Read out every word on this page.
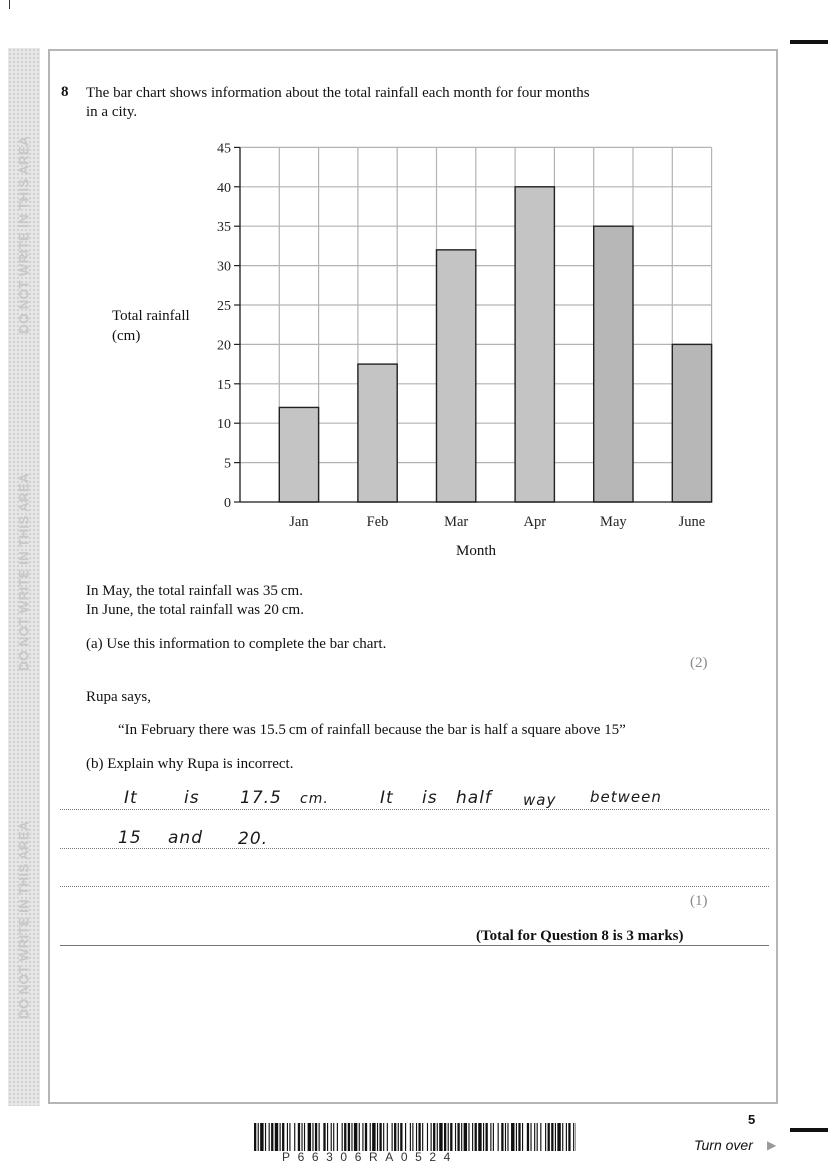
DO NOT WRITE IN THIS AREA
DO NOT WRITE IN THIS AREA
DO NOT WRITE IN THIS AREA
8 The bar chart shows information about the total rainfall each month for four months
in a city.
Total rainfall
(cm)
0
5
10
15
20
25
30
35
40
45
Jan	Feb	Mar	Apr	May	June
Month
In May, the total rainfall was 35 cm.
In June, the total rainfall was 20 cm.
(a) Use this information to complete the bar chart.
(2)
Rupa says,
“In February there was 15.5 cm of rainfall because the bar is half a square above 15”
(b) Explain why Rupa is incorrect.
It	is 17.5 cm.	It is half way between
15 and 20.
(1)
(Total for Question 8 is 3 marks)
P66306RA0524
5
Turn over ▶
